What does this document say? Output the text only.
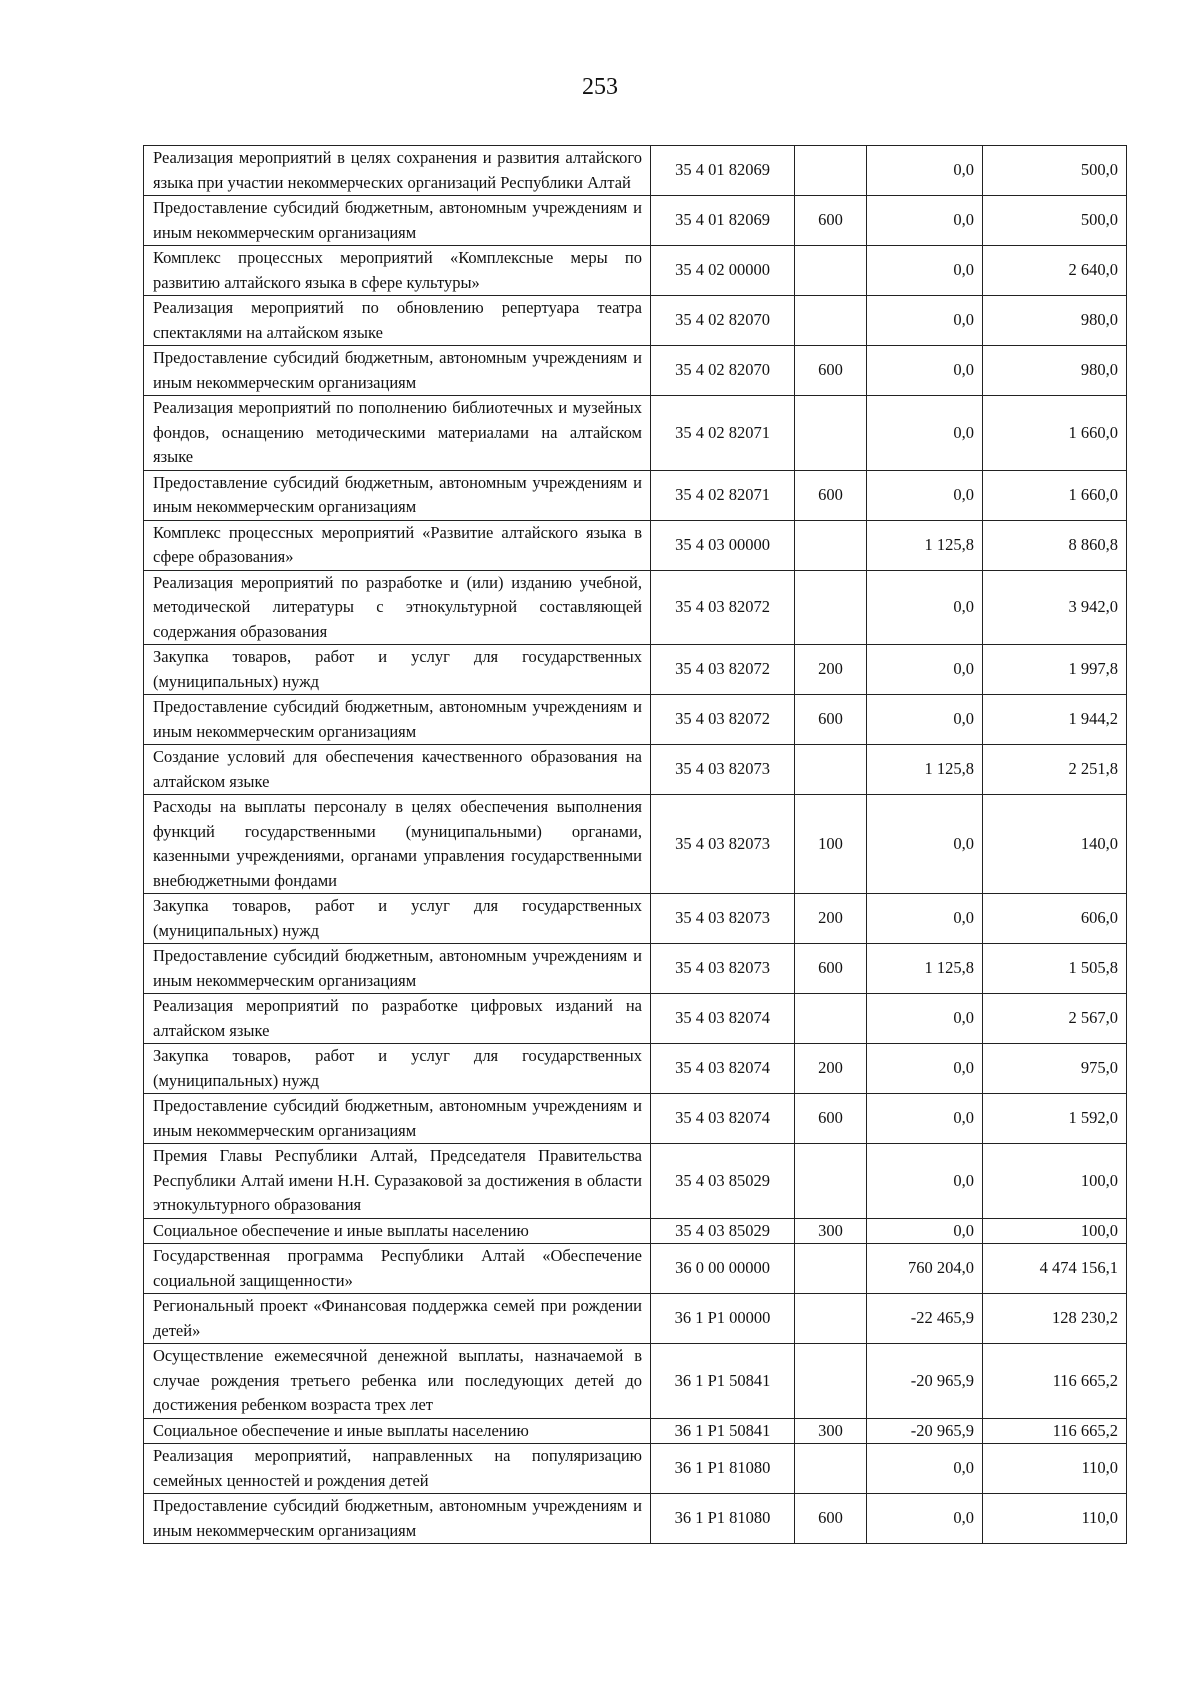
253
Реализация мероприятий в целях сохранения и развития алтайского языка при участии некоммерческих организаций Республики Алтай	35 4 01 82069		0,0	500,0
Предоставление субсидий бюджетным, автономным учреждениям и иным некоммерческим организациям	35 4 01 82069	600	0,0	500,0
Комплекс процессных мероприятий «Комплексные меры по развитию алтайского языка в сфере культуры»	35 4 02 00000		0,0	2 640,0
Реализация мероприятий по обновлению репертуара театра спектаклями на алтайском языке	35 4 02 82070		0,0	980,0
Предоставление субсидий бюджетным, автономным учреждениям и иным некоммерческим организациям	35 4 02 82070	600	0,0	980,0
Реализация мероприятий по пополнению библиотечных и музейных фондов, оснащению методическими материалами на алтайском языке	35 4 02 82071		0,0	1 660,0
Предоставление субсидий бюджетным, автономным учреждениям и иным некоммерческим организациям	35 4 02 82071	600	0,0	1 660,0
Комплекс процессных мероприятий «Развитие алтайского языка в сфере образования»	35 4 03 00000		1 125,8	8 860,8
Реализация мероприятий по разработке и (или) изданию учебной, методической литературы с этнокультурной составляющей содержания образования	35 4 03 82072		0,0	3 942,0
Закупка товаров, работ и услуг для государственных (муниципальных) нужд	35 4 03 82072	200	0,0	1 997,8
Предоставление субсидий бюджетным, автономным учреждениям и иным некоммерческим организациям	35 4 03 82072	600	0,0	1 944,2
Создание условий для обеспечения качественного образования на алтайском языке	35 4 03 82073		1 125,8	2 251,8
Расходы на выплаты персоналу в целях обеспечения выполнения функций государственными (муниципальными) органами, казенными учреждениями, органами управления государственными внебюджетными фондами	35 4 03 82073	100	0,0	140,0
Закупка товаров, работ и услуг для государственных (муниципальных) нужд	35 4 03 82073	200	0,0	606,0
Предоставление субсидий бюджетным, автономным учреждениям и иным некоммерческим организациям	35 4 03 82073	600	1 125,8	1 505,8
Реализация мероприятий по разработке цифровых изданий на алтайском языке	35 4 03 82074		0,0	2 567,0
Закупка товаров, работ и услуг для государственных (муниципальных) нужд	35 4 03 82074	200	0,0	975,0
Предоставление субсидий бюджетным, автономным учреждениям и иным некоммерческим организациям	35 4 03 82074	600	0,0	1 592,0
Премия Главы Республики Алтай, Председателя Правительства Республики Алтай имени Н.Н. Суразаковой за достижения в области этнокультурного образования	35 4 03 85029		0,0	100,0
Социальное обеспечение и иные выплаты населению	35 4 03 85029	300	0,0	100,0
Государственная программа Республики Алтай «Обеспечение социальной защищенности»	36 0 00 00000		760 204,0	4 474 156,1
Региональный проект «Финансовая поддержка семей при рождении детей»	36 1 P1 00000		-22 465,9	128 230,2
Осуществление ежемесячной денежной выплаты, назначаемой в случае рождения третьего ребенка или последующих детей до достижения ребенком возраста трех лет	36 1 P1 50841		-20 965,9	116 665,2
Социальное обеспечение и иные выплаты населению	36 1 P1 50841	300	-20 965,9	116 665,2
Реализация мероприятий, направленных на популяризацию семейных ценностей и рождения детей	36 1 P1 81080		0,0	110,0
Предоставление субсидий бюджетным, автономным учреждениям и иным некоммерческим организациям	36 1 P1 81080	600	0,0	110,0
